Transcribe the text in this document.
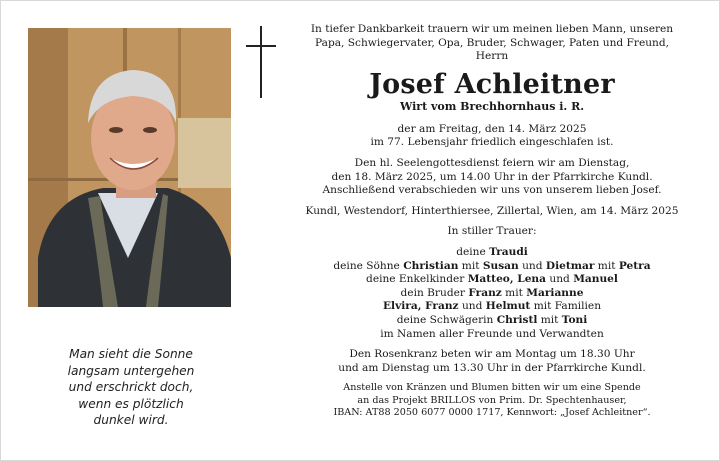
Man sieht die Sonne
langsam untergehen
und erschrickt doch,
wenn es plötzlich
dunkel wird.
In tiefer Dankbarkeit trauern wir um meinen lieben Mann, unseren
Papa, Schwiegervater, Opa, Bruder, Schwager, Paten und Freund,
Herrn
Josef Achleitner
Wirt vom Brechhornhaus i. R.
der am Freitag, den 14. März 2025
im 77. Lebensjahr friedlich eingeschlafen ist.
Den hl. Seelengottesdienst feiern wir am Dienstag,
den 18. März 2025, um 14.00 Uhr in der Pfarrkirche Kundl.
Anschließend verabschieden wir uns von unserem lieben Josef.
Kundl, Westendorf, Hinterthiersee, Zillertal, Wien, am 14. März 2025
In stiller Trauer:
deine Traudi
deine Söhne Christian mit Susan und Dietmar mit Petra
deine Enkelkinder Matteo, Lena und Manuel
dein Bruder Franz mit Marianne
Elvira, Franz und Helmut mit Familien
deine Schwägerin Christl mit Toni
im Namen aller Freunde und Verwandten
Den Rosenkranz beten wir am Montag um 18.30 Uhr
und am Dienstag um 13.30 Uhr in der Pfarrkirche Kundl.
Anstelle von Kränzen und Blumen bitten wir um eine Spende
an das Projekt BRILLOS von Prim. Dr. Spechtenhauser,
IBAN: AT88 2050 6077 0000 1717, Kennwort: „Josef Achleitner“.
